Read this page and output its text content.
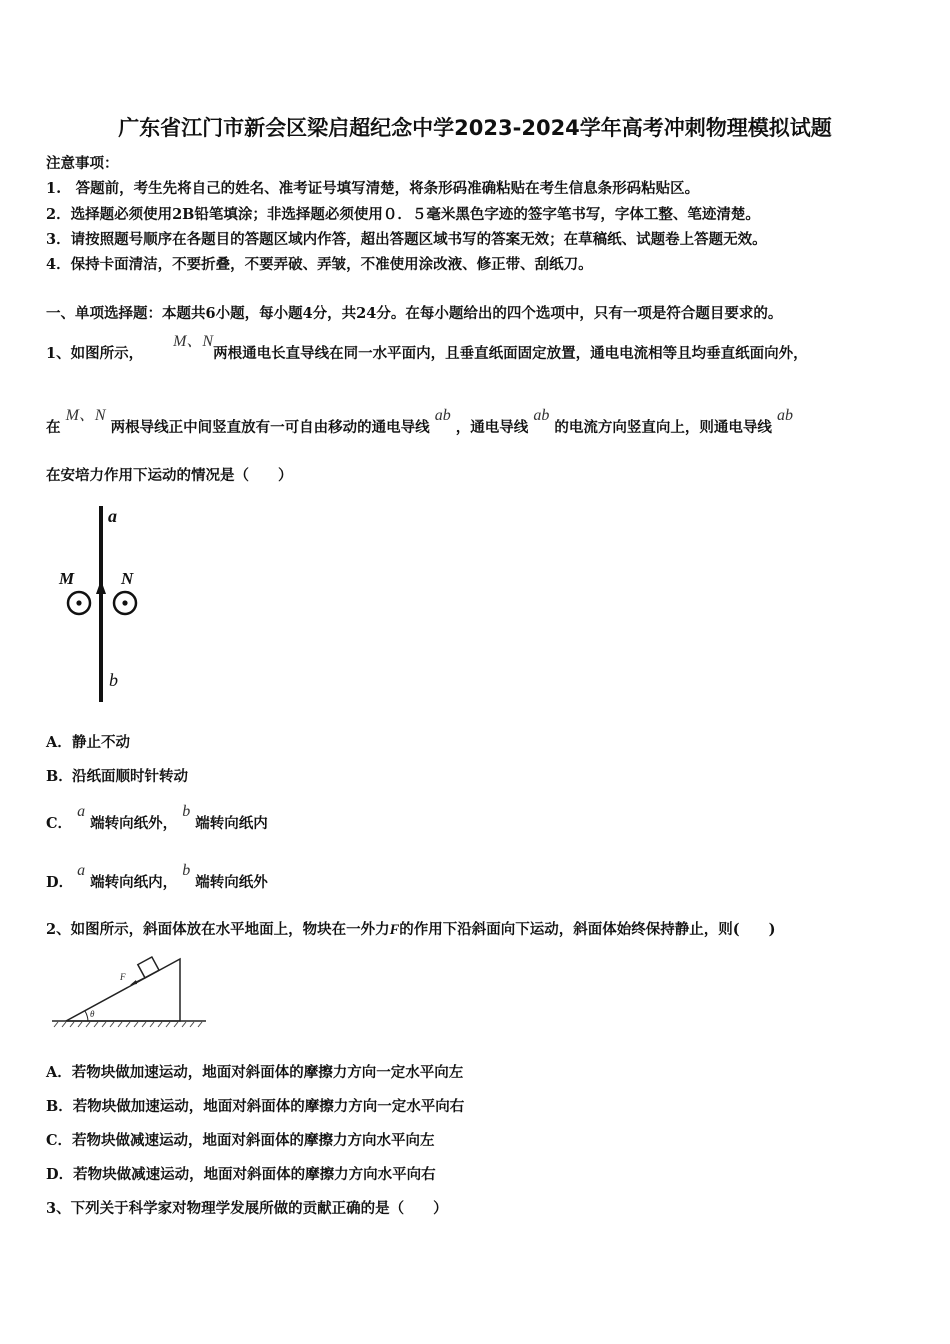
广东省江门市新会区梁启超纪念中学2023-2024学年高考冲刺物理模拟试题
注意事项：
1.　答题前，考生先将自己的姓名、准考证号填写清楚，将条形码准确粘贴在考生信息条形码粘贴区。
2．选择题必须使用2B铅笔填涂；非选择题必须使用０．５毫米黑色字迹的签字笔书写，字体工整、笔迹清楚。
3．请按照题号顺序在各题目的答题区域内作答，超出答题区域书写的答案无效；在草稿纸、试题卷上答题无效。
4．保持卡面清洁，不要折叠，不要弄破、弄皱，不准使用涂改液、修正带、刮纸刀。
一、单项选择题：本题共6小题，每小题4分，共24分。在每小题给出的四个选项中，只有一项是符合题目要求的。
1、如图所示，M、N两根通电长直导线在同一水平面内，且垂直纸面固定放置，通电电流相等且均垂直纸面向外，
在 M、N 两根导线正中间竖直放有一可自由移动的通电导线 ab ，通电导线 ab 的电流方向竖直向上，则通电导线 ab
在安培力作用下运动的情况是（　　）
a
b
M	N
A．静止不动
B．沿纸面顺时针转动
C． a 端转向纸外， b 端转向纸内
D． a 端转向纸内， b 端转向纸外
2、如图所示，斜面体放在水平地面上，物块在一外力F的作用下沿斜面向下运动，斜面体始终保持静止，则(　　)
θ
F
A．若物块做加速运动，地面对斜面体的摩擦力方向一定水平向左
B．若物块做加速运动，地面对斜面体的摩擦力方向一定水平向右
C．若物块做减速运动，地面对斜面体的摩擦力方向水平向左
D．若物块做减速运动，地面对斜面体的摩擦力方向水平向右
3、下列关于科学家对物理学发展所做的贡献正确的是（　　）
